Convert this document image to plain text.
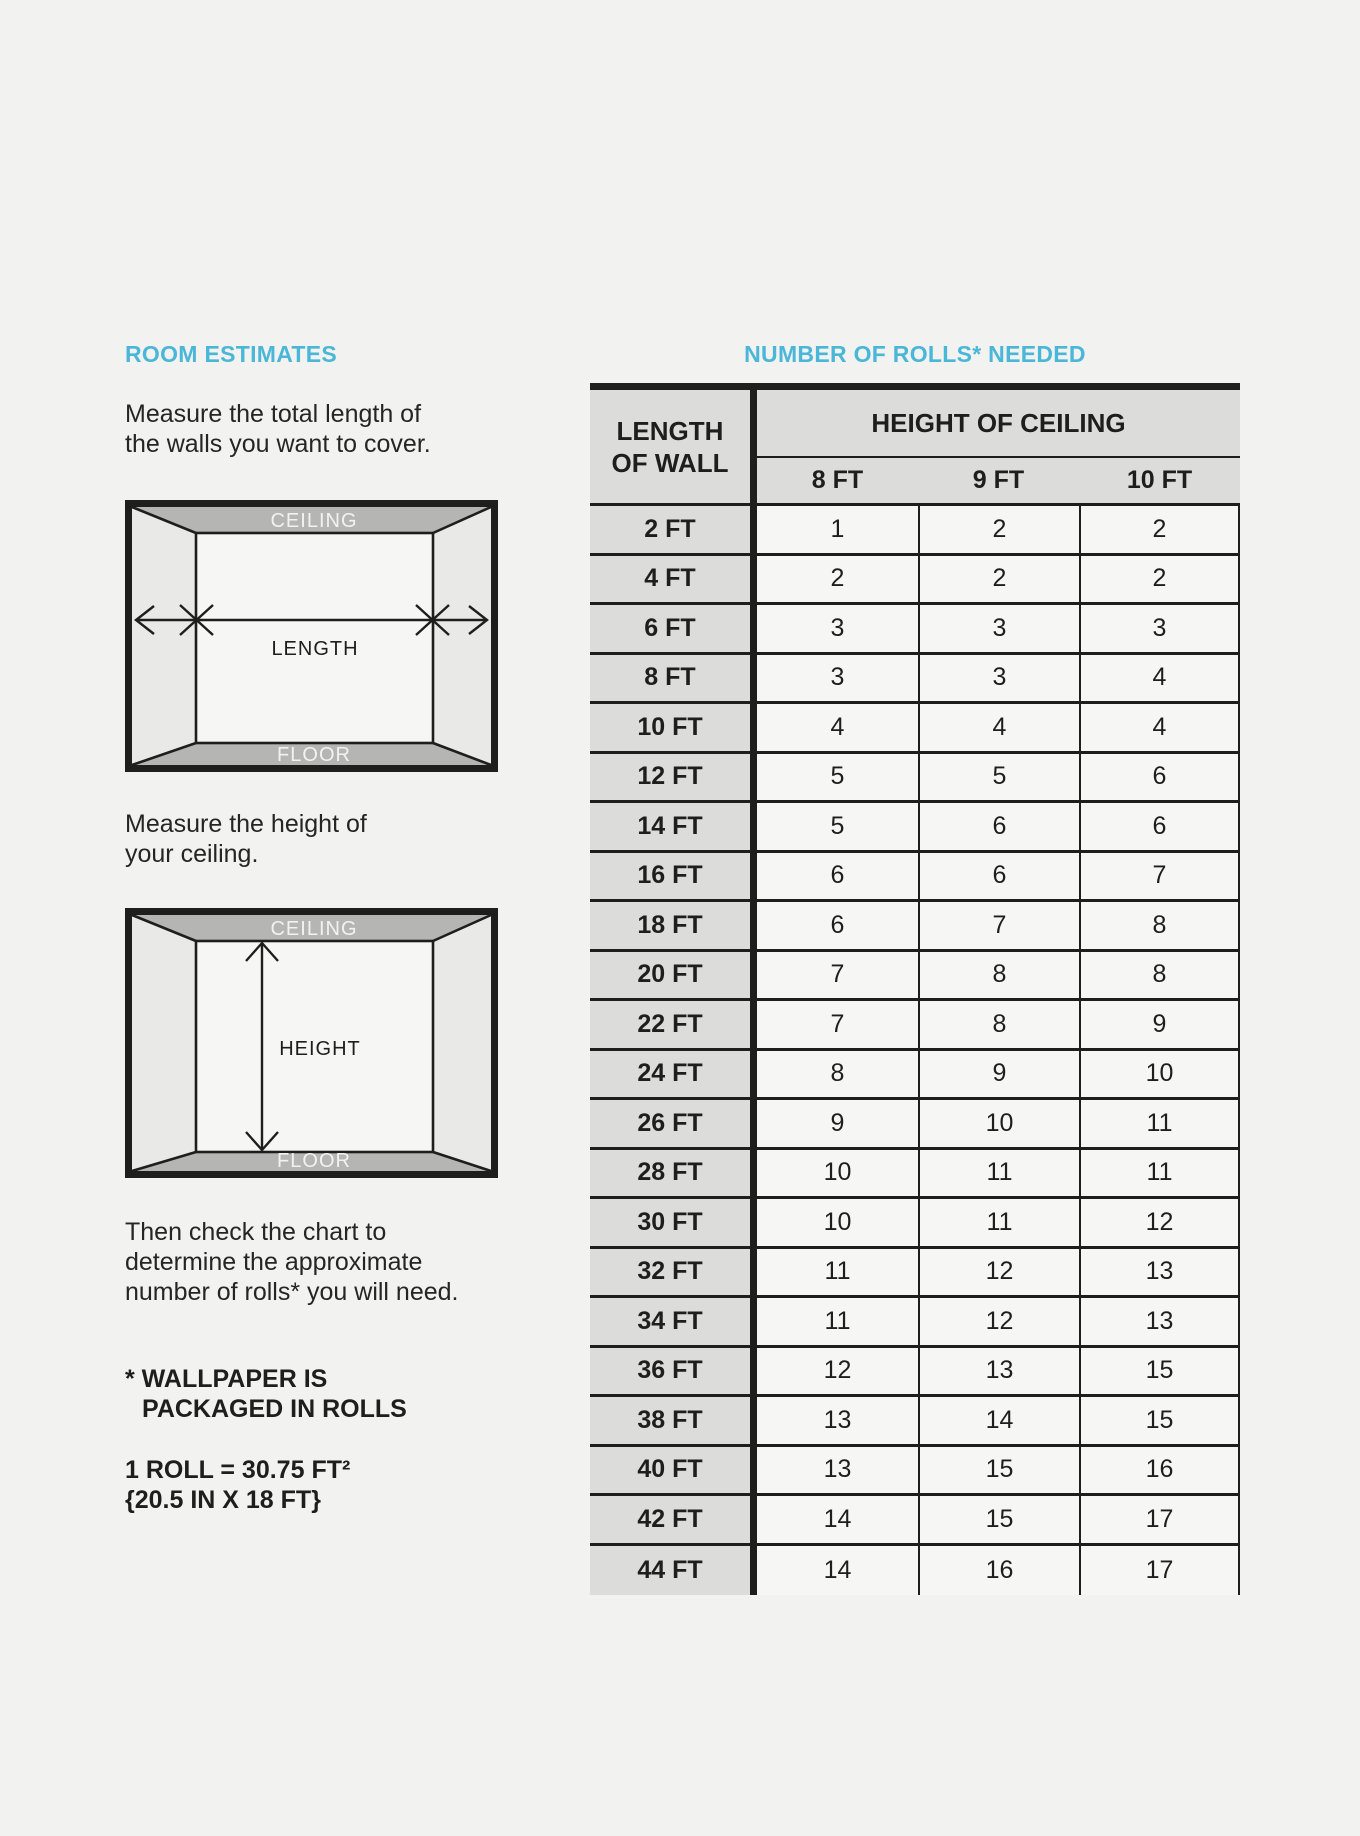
ROOM ESTIMATES
Measure the total length of
the walls you want to cover.
CEILING
FLOOR
LENGTH
Measure the height of
your ceiling.
CEILING
FLOOR
HEIGHT
Then check the chart to
determine the approximate
number of rolls* you will need.
* WALLPAPER IS
PACKAGED IN ROLLS
1 ROLL = 30.75 FT²
{20.5 IN X 18 FT}
NUMBER OF ROLLS* NEEDED
LENGTH
OF WALL
HEIGHT OF CEILING
8 FT	9 FT	10 FT
2 FT	1	2	2
4 FT	2	2	2
6 FT	3	3	3
8 FT	3	3	4
10 FT	4	4	4
12 FT	5	5	6
14 FT	5	6	6
16 FT	6	6	7
18 FT	6	7	8
20 FT	7	8	8
22 FT	7	8	9
24 FT	8	9	10
26 FT	9	10	11
28 FT	10	11	11
30 FT	10	11	12
32 FT	11	12	13
34 FT	11	12	13
36 FT	12	13	15
38 FT	13	14	15
40 FT	13	15	16
42 FT	14	15	17
44 FT	14	16	17
